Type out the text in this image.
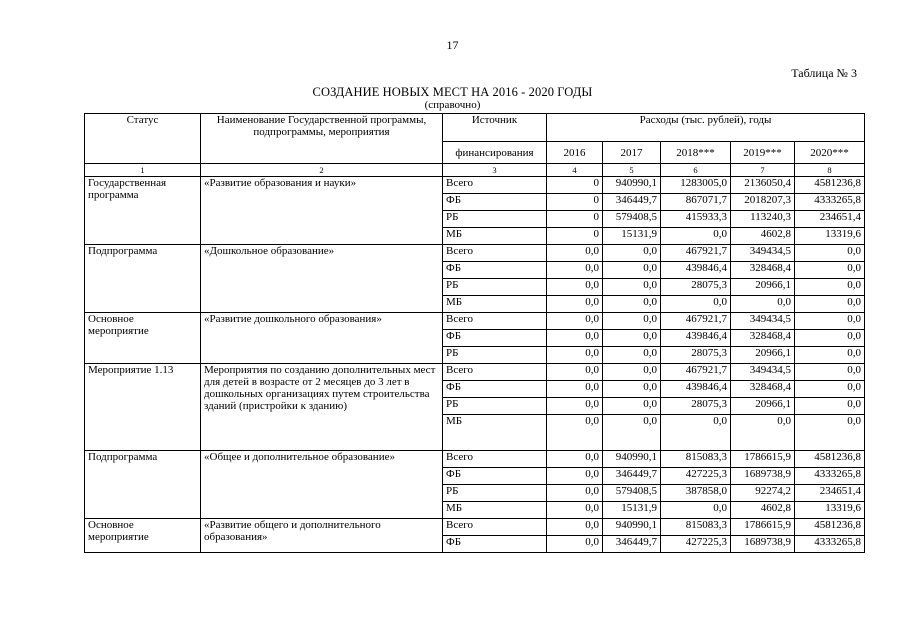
17
Таблица № 3
СОЗДАНИЕ НОВЫХ МЕСТ НА 2016 - 2020 ГОДЫ
(справочно)
Статус	Наименование Государственной программы, подпрограммы, мероприятия	Источник	Расходы (тыс. рублей), годы				
		финансирования	2016	2017	2018***	2019***	2020***
1	2	3	4	5	6	7	8
Государственная программа	«Развитие образования и науки»	Всего	0	940990,1	1283005,0	2136050,4	4581236,8
		ФБ	0	346449,7	867071,7	2018207,3	4333265,8
		РБ	0	579408,5	415933,3	113240,3	234651,4
		МБ	0	15131,9	0,0	4602,8	13319,6
Подпрограмма	«Дошкольное образование»	Всего	0,0	0,0	467921,7	349434,5	0,0
		ФБ	0,0	0,0	439846,4	328468,4	0,0
		РБ	0,0	0,0	28075,3	20966,1	0,0
		МБ	0,0	0,0	0,0	0,0	0,0
Основное мероприятие	«Развитие дошкольного образования»	Всего	0,0	0,0	467921,7	349434,5	0,0
		ФБ	0,0	0,0	439846,4	328468,4	0,0
		РБ	0,0	0,0	28075,3	20966,1	0,0
Мероприятие 1.13	Мероприятия по созданию дополнительных мест для детей в возрасте от 2 месяцев до 3 лет в дошкольных организациях путем строительства зданий (пристройки к зданию)	Всего	0,0	0,0	467921,7	349434,5	0,0
		ФБ	0,0	0,0	439846,4	328468,4	0,0
		РБ	0,0	0,0	28075,3	20966,1	0,0
		МБ	0,0	0,0	0,0	0,0	0,0
Подпрограмма	«Общее и дополнительное образование»	Всего	0,0	940990,1	815083,3	1786615,9	4581236,8
		ФБ	0,0	346449,7	427225,3	1689738,9	4333265,8
		РБ	0,0	579408,5	387858,0	92274,2	234651,4
		МБ	0,0	15131,9	0,0	4602,8	13319,6
Основное мероприятие	«Развитие общего и дополнительного образования»	Всего	0,0	940990,1	815083,3	1786615,9	4581236,8
		ФБ	0,0	346449,7	427225,3	1689738,9	4333265,8
